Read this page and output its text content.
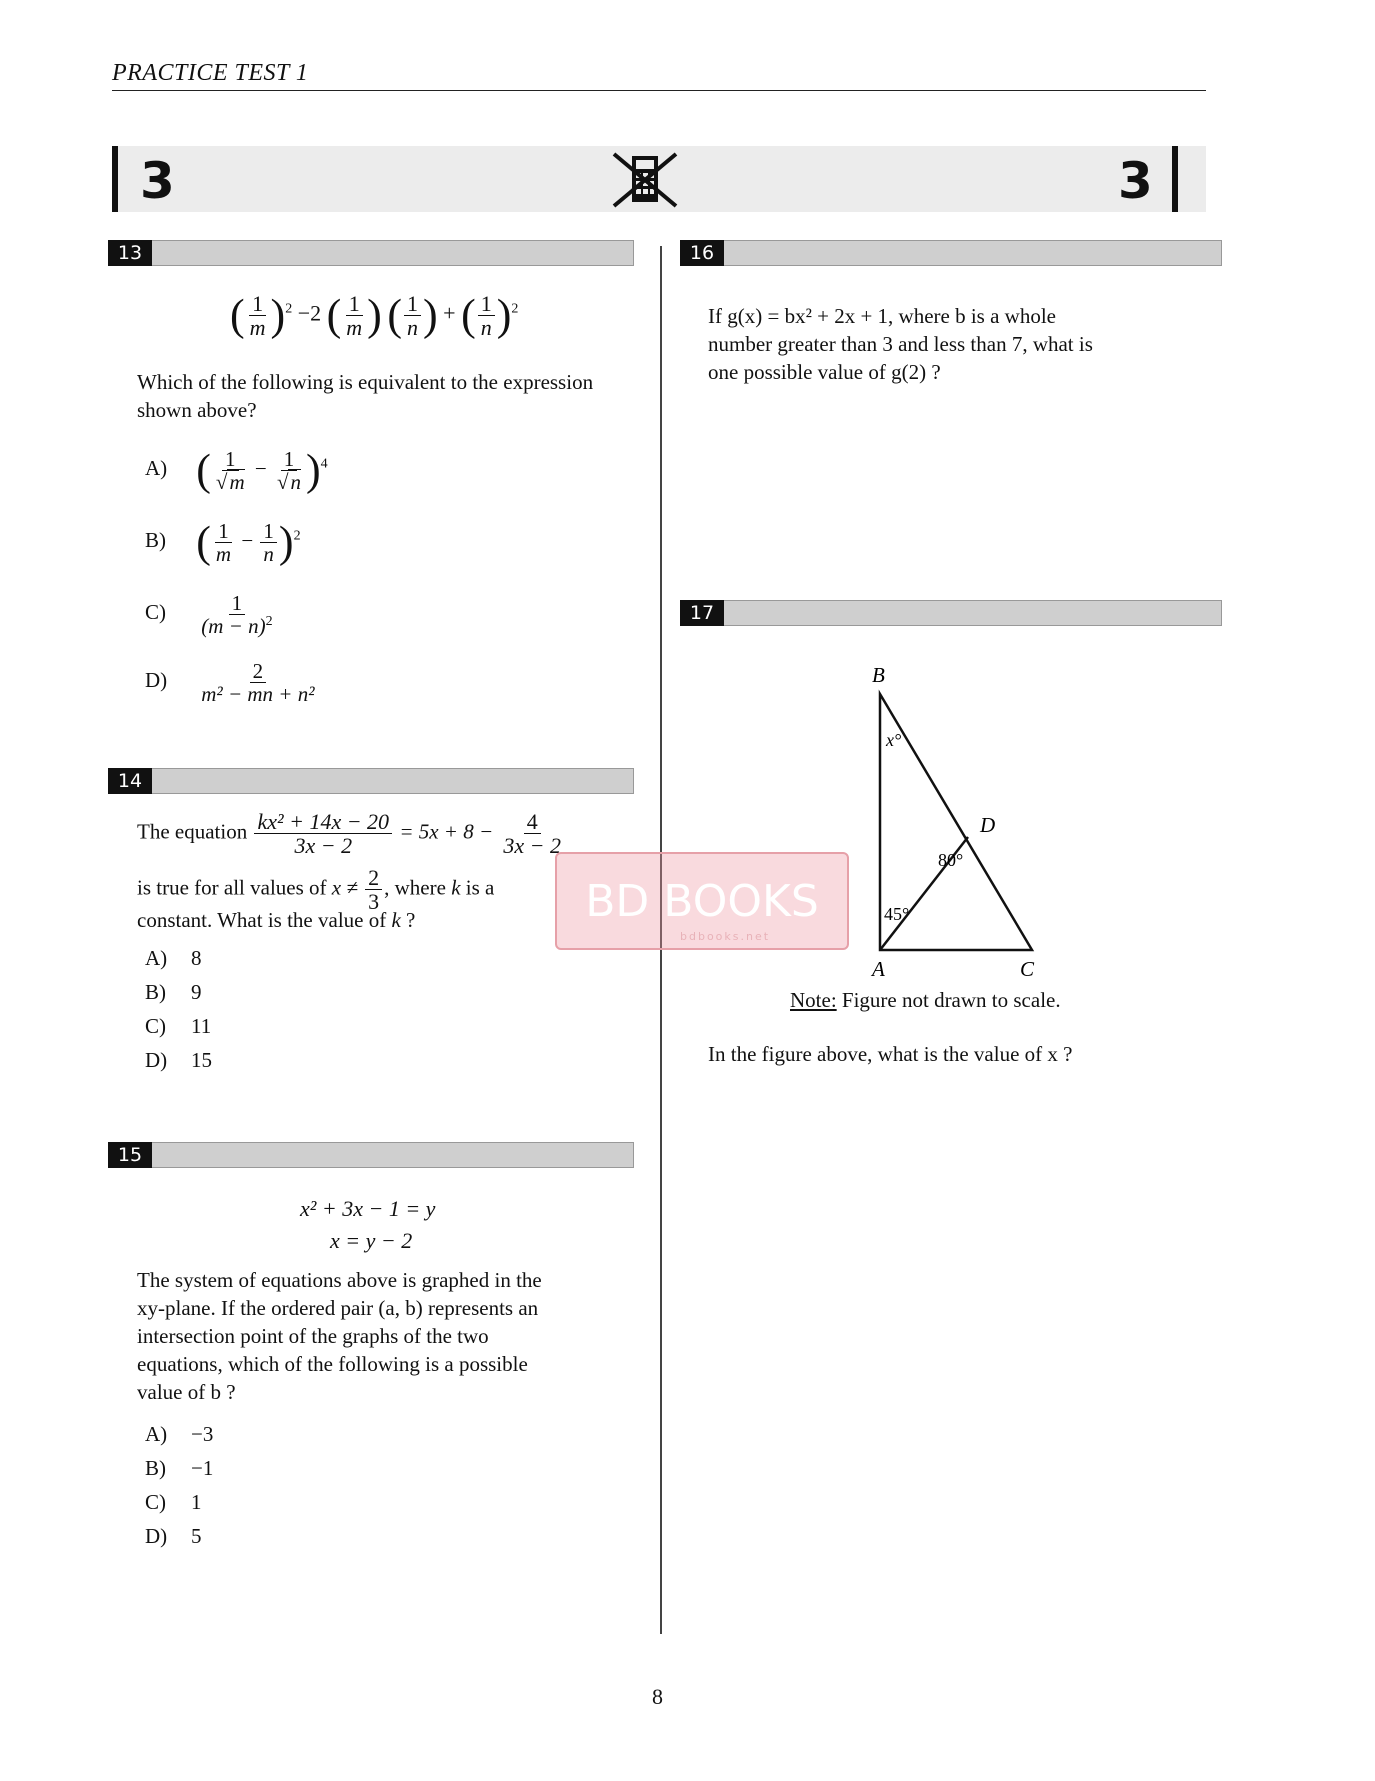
PRACTICE TEST 1
3	3
13
( $\frac{1}{m} )^2 -2$ ( $\frac{1}{m}$ ) ( $\frac{1}{n}$ ) + ( $\frac{1}{n} )^2$
Which of the following is equivalent to the expression shown above?
A) ( $\frac{1}{√m} - \frac{1}{√n} )^4$
B) ( $\frac{1}{m} - \frac{1}{n} )^2$
$C) \frac{1}{(m - n)^2}$
$D) \frac{2}{\text{m² − mn + n²}}$
14
The equation $\frac{\text{kx² + 14x − 20}}{3x - 2} = 5x + 8 - \frac{4}{3x - 2}$
is true for all values of $x \ne \frac{2}{3}$ , where k is a
constant. What is the value of k ?
A) 8
B) 9
C) 11
D) 15
15
x² + 3x − 1 = y
x = y − 2
The system of equations above is graphed in the
xy-plane. If the ordered pair (a, b) represents an
intersection point of the graphs of the two
equations, which of the following is a possible
value of b ?
A) −3
B) −1
C) 1
D) 5
16
If g(x) = bx² + 2x + 1, where b is a whole
number greater than 3 and less than 7, what is
one possible value of g(2) ?
17
B
D
A	C
x°
80°
45°
Note: Figure not drawn to scale.
In the figure above, what is the value of x ?
BD BOOKS
bdbooks.net
8
